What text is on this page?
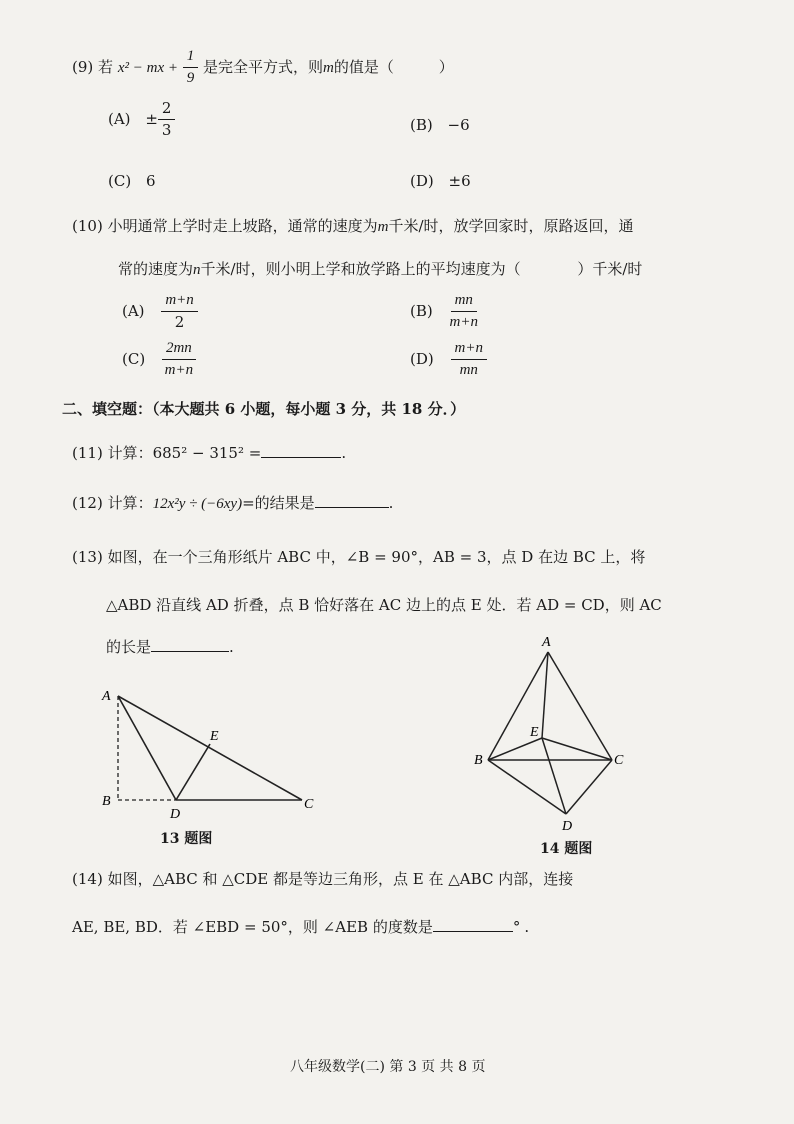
(9) 若 x² − mx + $\frac{1}{9}$ 是完全平方式，则m的值是（	）
$(A) \pm \frac{2}{3}$	(B) −6
(C) 6	(D) ±6
(10) 小明通常上学时走上坡路，通常的速度为m千米/时，放学回家时，原路返回，通
常的速度为n千米/时，则小明上学和放学路上的平均速度为（	）千米/时
$(A) \frac{m+n}{2}$	$(B) \frac{mn}{m+n}$
$(C) \frac{2mn}{m+n}$	$(D) \frac{m+n}{mn}$
二、填空题：（本大题共 6 小题，每小题 3 分，共 18 分．）
(11) 计算：685² − 315² =	.
(12) 计算：12x²y ÷ (−6xy)=的结果是	.
(13) 如图，在一个三角形纸片 ABC 中，∠B = 90°，AB = 3，点 D 在边 BC 上，将
△ABD 沿直线 AD 折叠，点 B 恰好落在 AC 边上的点 E 处．若 AD = CD，则 AC
的长是	.
A
B	C
D
E
13 题图
A
B	C
D
E
14 题图
(14) 如图，△ABC 和 △CDE 都是等边三角形，点 E 在 △ABC 内部，连接
AE, BE, BD．若 ∠EBD = 50°，则 ∠AEB 的度数是	° .
八年级数学(二) 第 3 页 共 8 页
